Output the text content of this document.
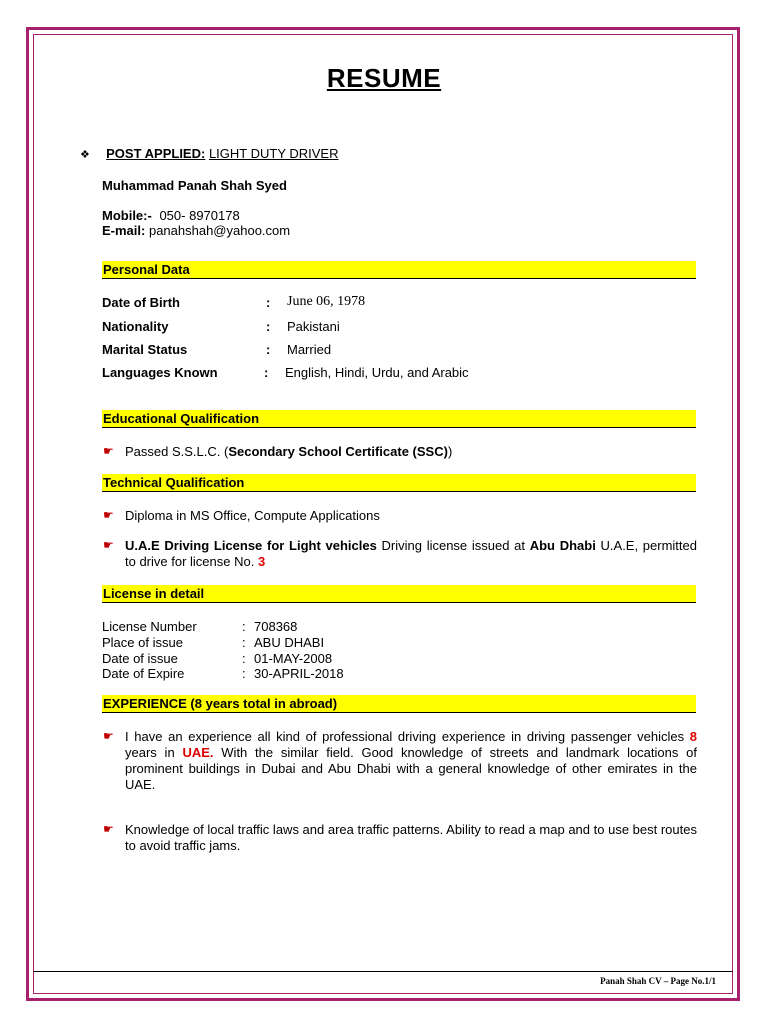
RESUME
❖ POST APPLIED: LIGHT DUTY DRIVER
Muhammad Panah Shah Syed
Mobile:- 050- 8970178
E-mail: panahshah@yahoo.com
Personal Data
Date of Birth	: June 06, 1978
Nationality	: Pakistani
Marital Status	: Married
Languages Known	: English, Hindi, Urdu, and Arabic
Educational Qualification
☛ Passed S.S.L.C. (Secondary School Certificate (SSC))
Technical Qualification
☛ Diploma in MS Office, Compute Applications
☛ U.A.E Driving License for Light vehicles Driving license issued at Abu Dhabi U.A.E, permitted to drive for license No. 3
License in detail
License Number	: 708368
Place of issue	: ABU DHABI
Date of issue	: 01-MAY-2008
Date of Expire	: 30-APRIL-2018
EXPERIENCE (8 years total in abroad)
☛ I have an experience all kind of professional driving experience in driving passenger vehicles 8 years in UAE. With the similar field. Good knowledge of streets and landmark locations of prominent buildings in Dubai and Abu Dhabi with a general knowledge of other emirates in the UAE.
☛ Knowledge of local traffic laws and area traffic patterns. Ability to read a map and to use best routes to avoid traffic jams.
Panah Shah CV – Page No.1/1
